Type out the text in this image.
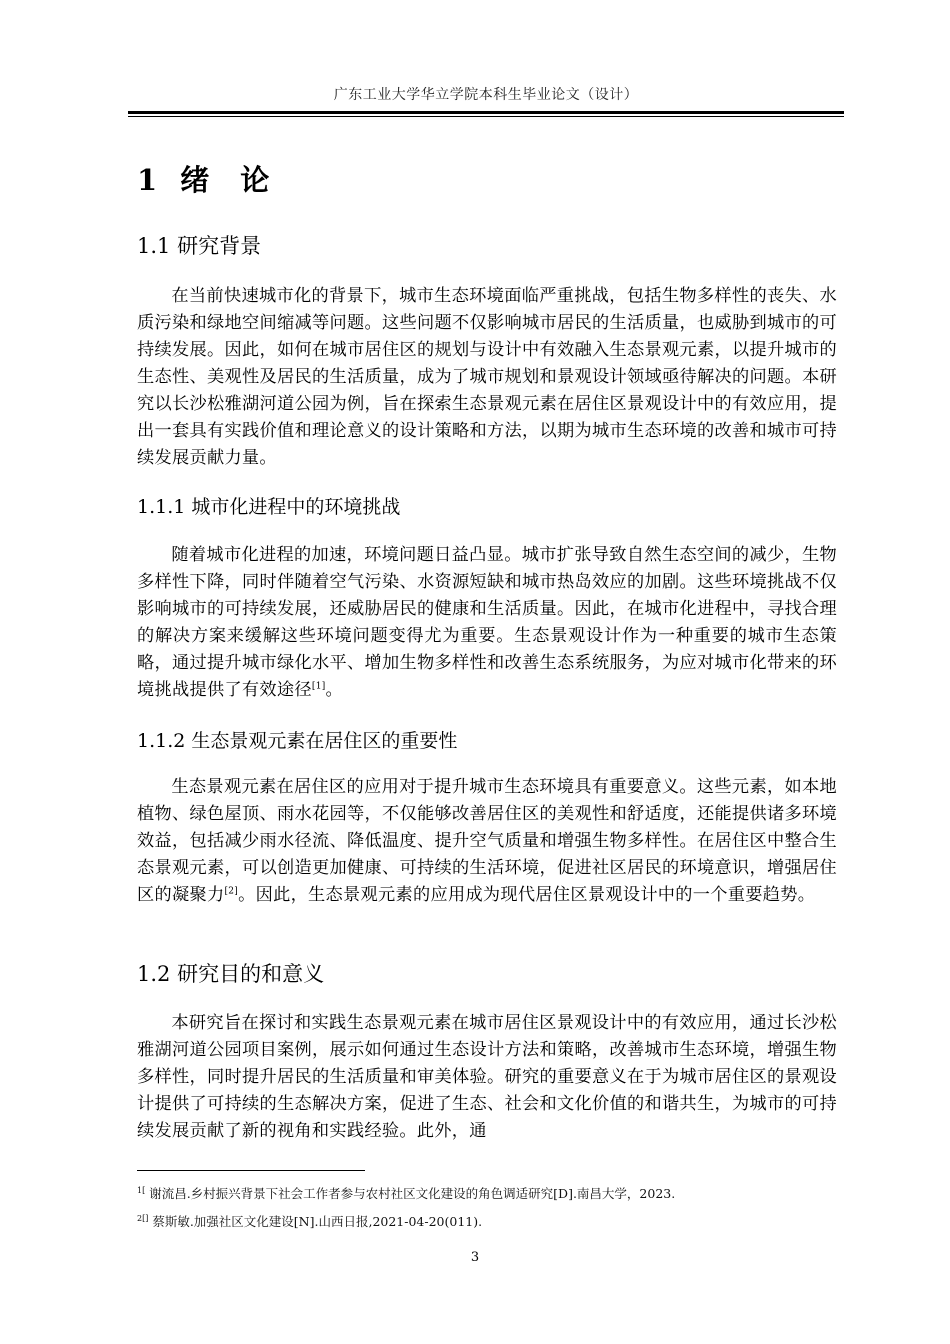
广东工业大学华立学院本科生毕业论文（设计）
1 绪　论
1.1 研究背景
在当前快速城市化的背景下，城市生态环境面临严重挑战，包括生物多样性的丧失、水质污染和绿地空间缩减等问题。这些问题不仅影响城市居民的生活质量，也威胁到城市的可持续发展。因此，如何在城市居住区的规划与设计中有效融入生态景观元素，以提升城市的生态性、美观性及居民的生活质量，成为了城市规划和景观设计领域亟待解决的问题。本研究以长沙松雅湖河道公园为例，旨在探索生态景观元素在居住区景观设计中的有效应用，提出一套具有实践价值和理论意义的设计策略和方法，以期为城市生态环境的改善和城市可持续发展贡献力量。
1.1.1 城市化进程中的环境挑战
随着城市化进程的加速，环境问题日益凸显。城市扩张导致自然生态空间的减少，生物多样性下降，同时伴随着空气污染、水资源短缺和城市热岛效应的加剧。这些环境挑战不仅影响城市的可持续发展，还威胁居民的健康和生活质量。因此，在城市化进程中，寻找合理的解决方案来缓解这些环境问题变得尤为重要。生态景观设计作为一种重要的城市生态策略，通过提升城市绿化水平、增加生物多样性和改善生态系统服务，为应对城市化带来的环境挑战提供了有效途径[1]。
1.1.2 生态景观元素在居住区的重要性
生态景观元素在居住区的应用对于提升城市生态环境具有重要意义。这些元素，如本地植物、绿色屋顶、雨水花园等，不仅能够改善居住区的美观性和舒适度，还能提供诸多环境效益，包括减少雨水径流、降低温度、提升空气质量和增强生物多样性。在居住区中整合生态景观元素，可以创造更加健康、可持续的生活环境，促进社区居民的环境意识，增强居住区的凝聚力[2]。因此，生态景观元素的应用成为现代居住区景观设计中的一个重要趋势。
1.2 研究目的和意义
本研究旨在探讨和实践生态景观元素在城市居住区景观设计中的有效应用，通过长沙松雅湖河道公园项目案例，展示如何通过生态设计方法和策略，改善城市生态环境，增强生物多样性，同时提升居民的生活质量和审美体验。研究的重要意义在于为城市居住区的景观设计提供了可持续的生态解决方案，促进了生态、社会和文化价值的和谐共生，为城市的可持续发展贡献了新的视角和实践经验。此外，通
$^{1[}$ 谢流昌.乡村振兴背景下社会工作者参与农村社区文化建设的角色调适研究[D].南昌大学，2023.
$^{2[]}$ 蔡斯敏.加强社区文化建设[N].山西日报,2021-04-20(011).
3
